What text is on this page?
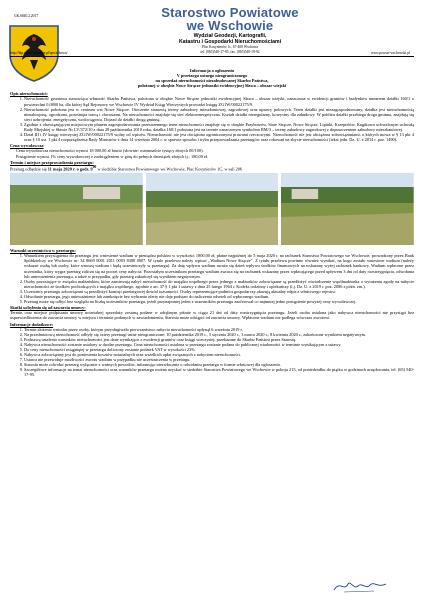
GK.6840.2.2017	Starostwo Powiatowe
we Wschowie
Wydział Geodezji, Kartografii,
Katastru i Gospodarki Nieruchomościami
Plac Kosynierów 1c, 67-400 Wschowa
tel. (065)540-17-85, fax. (065)540-19-92
http://bip.wrota.lubuskie.pl/spwschowa/	www.powiat-wschowski.pl
Informacja o ogłoszeniu
V przetargu ustnego nieograniczonego
na sprzedaż nieruchomości niezabudowanej Skarbu Państwa,
położonej w obrębie Nowe Strączе jednostki ewidencyjnej Sława – obszar wiejski
Opis nieruchomości:
1. Nieruchomość gruntowa stanowiąca własność Skarbu Państwa, położona w obrębie Nowe Strączе jednostki ewidencyjnej Sława – obszar wiejski, oznaczona w ewidencji gruntów i budynków numerem działki 160/1 o powierzchni 0,0800 ha, dla której Sąd Rejonowy we Wschowie IV Wydział Ksiąg Wieczystych prowadzi księgę ZG1W/00022175/9.
2. Nieruchomość położona jest w centrum wsi Nowe Strączе. Otoczenie stanowią tereny zabudowy mieszkaniowej, zagrodowej oraz uprawy polowych. Teren działki jest niezagospodarowany, działka jest nieruchomością nieuzbrojoną, ogrodzona, porośnięta trawą i chwastami. Na nieruchomości znajduje się sieć elektroenergetyczna. Kształt działki nieregularny, korzystny dla zabudowy. W pobliżu działki przebiega droga gminna, znajdują się sieci uzbrojenia: energetyczna, wodociągowa. Dojazd do działki drogą gminną.
3. Zgodnie z obowiązującym miejscowym planem zagospodarowania przestrzennego teren nieruchomości znajduje się w obrębie Przyborzów, Stare Strączе, Nowe Strączе, Lipinki, Krzepielów, Krępkowo uchwalonym uchwałą Rady Miejskiej w Sławie Nr LV/372/10 z dnia 28 października 2010 roku, działka 160/1 położona jest na terenie oznaczonym symbolem RM/3 – tereny zabudowy zagrodowej z dopuszczeniem zabudowy mieszkaniowej.
4. Dział III i IV księgi wieczystej ZG1W/00022175/9 wolny od wpisów. Nieruchomość nie jest obciążona ograniczonymi prawami rzeczowymi. Nieruchomość nie jest obciążona zobowiązaniami, o których mowa w § 13 pkt 4 oraz § 10 ust. 1 pkt 4 rozporządzenia Rady Ministrów z dnia 14 września 2004 r. w sprawie sposobu i trybu przeprowadzania przetargów oraz rokowań na zbycie nieruchomości (tekst jedn. Dz. U. z 2014 r. poz. 1490).
Cena wywoławcza

Cena wywoławcza nieruchomości wynosi 18 000,00 zł brutto (słownie: osiemnaście tysięcy złotych 00/100).

Postąpienie wynosi 1% ceny wywoławczej z zaokrągleniem w górę do pełnych dziesiątek złotych tj.: 180,00 zł.

Termin i miejsce przeprowadzenia przetargu:

Przetarg odbędzie się 11 maja 2020 r. o godz. $9^{00}$ w siedzibie Starostwa Powiatowego we Wschowie, Plac Kosynierów 1C, w sali 206

Warunki uczestnictwa w przetargu:
1. Warunkiem przystąpienia do przetargu jest wniesienie wadium w pieniądzu polskim w wysokości 1800,00 zł, płatne najpóźniej do 5 maja 2020 r. na rachunek Starostwa Powiatowego we Wschowie, prowadzony przez Bank Spółdzielczy we Wschowie nr: 34 8669 0001 2011 0003 8380 0007. W tytule przelewu należy wpisać „Wadium Nowe Strączе”. Z tytułu przelewu powinno również wynikać, na kogo zostało wniesione wadium (należy wskazać osobę lub osoby, które wnoszą wadium i będą uczestniczyły w przetargu). Za datę wpływu wadium uważa się dzień wpływu środków finansowych na wskazany wyżej rachunek bankowy. Wadium wpłacone przez uczestnika, który wygra przetarg zalicza się na poczet ceny nabycia. Pozostałym uczestnikom przetargu wadium zwraca się na rachunek wskazany przez wpłacającego przed upływem 3 dni od daty rozstrzygnięcia, odwołania lub unieważnienia przetargu, a także w przypadku, gdy przetarg zakończył się wynikiem negatywnym.
2. Osoby pozostające w związku małżeńskim, które zamierzają nabyć nieruchomość do majątku wspólnego przez jednego z małżonków zobowiązane są przedłożyć oświadczenie współmałżonka o wyrażeniu zgody na nabycie nieruchomości ze środków pochodzących z majątku wspólnego, zgodnie z art. 37 § 1 pkt 1 ustawy z dnia 25 lutego 1964 r. Kodeks rodzinny i opiekuńczy (t.j. Dz. U. z 2019 r. poz. 2086 z późn. zm.).
3. Uczestnicy przetargu zobowiązani są przedłożyć komisji przetargowej dowód tożsamości. Osoby reprezentujące podmiot gospodarczy okazują aktualny odpis z właściwego rejestru.
4. Odwołanie przetargu, jego unieważnienie lub zamknięcie bez wybrania oferty nie daje podstaw do naliczenia odsetek od wpłaconego wadium.
5. Przetarg może się odbyć bez względu na liczbę uczestników przetargu, jeżeli przynajmniej jeden z uczestników przetargu zaoferował co najmniej jedno postąpienie powyżej ceny wywoławczej.
Skutki uchylenia się od zawarcia umowy:

Termin oraz miejsce podpisania umowy notarialnej sprzedaży zostaną podane w odrębnym piśmie w ciągu 21 dni od daty rozstrzygnięcia przetargu. Jeżeli osoba ustalona jako nabywca nieruchomości nie przystąpi bez usprawiedliwienia do zawarcia umowy w miejscu i terminie podanych w zawiadomieniu, Starosta może odstąpić od zawarcia umowy. Wpłacone wadium nie podlega wówczas zwrotowi.

Informacje dodatkowe:
1. Termin złożenia wniosku przez osoby, którym przysługiwało pierwszeństwo nabycia nieruchomości upłynął 6 września 2019 r.
2. Na przedmiotową nieruchomość odbyły się cztery przetargi ustne nieograniczone: 10 października 2019 r., 3 stycznia 2020 r., 3 marca 2020 r., 8 kwietnia 2020 r., zakończone wynikiem negatywnym.
3. Podstawą ustalenia warunków nieruchomości jest dane wynikające z ewidencji gruntów oraz księgi wieczystej, przekazane do Skarbu Państwa przez Starostę.
4. Nabywca nieruchomości zostanie ustalony w drodze przetargu. Cena nieruchomości ustalona w przetargu zostanie podana do publicznej wiadomości w terminie wynikającym z ustawy.
5. Do ceny nieruchomości osiągniętej w przetargu doliczony zostanie podatek VAT w wysokości 23%.
6. Nabywca zobowiązany jest do poniesienia kosztów notarialnych oraz wszelkich opłat związanych z nabyciem nieruchomości.
7. Ustawa nie przewiduje możliwości zwrotu wadium w przypadku nie uczestniczenia w przetargu.
8. Starosta może odwołać przetarg wyłącznie z ważnych powodów, informując niezwłocznie o odwołaniu przetargu w formie właściwej dla ogłoszenia.
9. Szczegółowe informacje na temat nieruchomości oraz warunków przetargu można uzyskać w siedzibie Starostwa Powiatowego we Wschowie w pokoju 215, od poniedziałku do piątku w godzinach urzędowania, tel. (65) 540-17-95.
